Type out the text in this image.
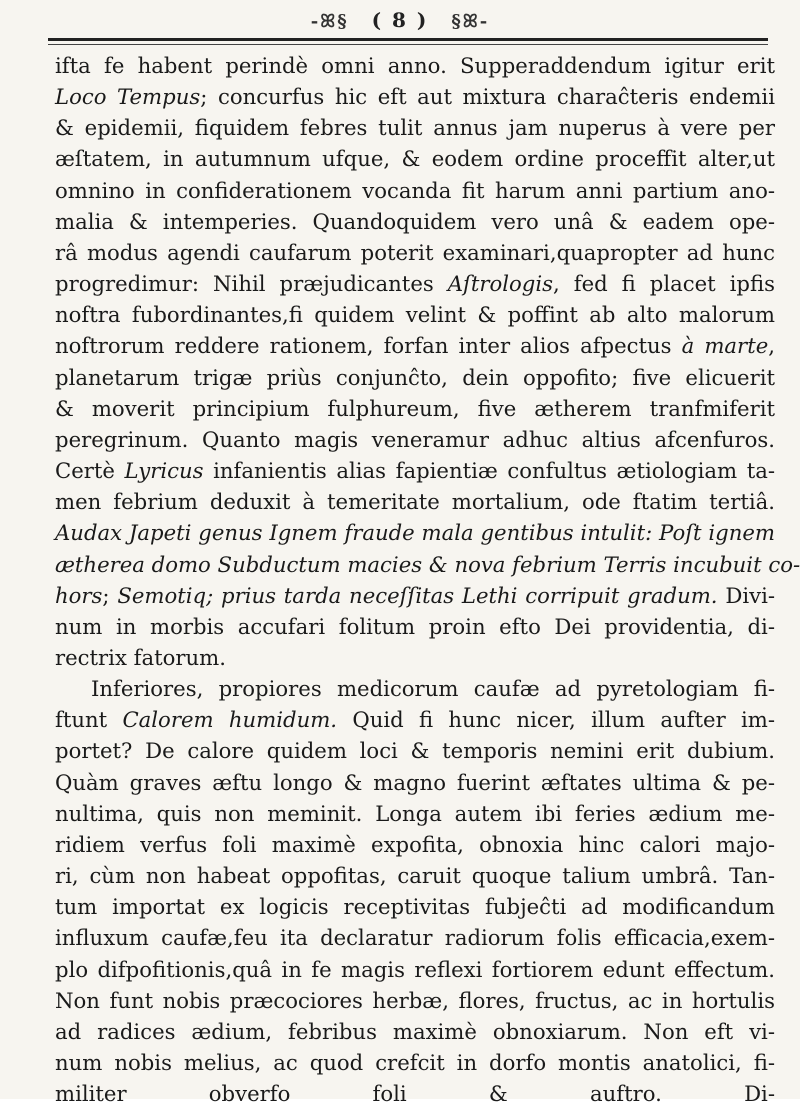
-ꕤ§ ( 8 ) §ꕤ-
ifta fe habent perindè omni anno. Supperaddendum igitur erit
Loco Tempus; concurfus hic eft aut mixtura charaĉteris endemii
& epidemii, fiquidem febres tulit annus jam nuperus à vere per
æſtatem, in autumnum ufque, & eodem ordine proceffit alter,ut
omnino in confiderationem vocanda fit harum anni partium ano-
malia & intemperies. Quandoquidem vero unâ & eadem ope-
râ modus agendi caufarum poterit examinari,quapropter ad hunc
progredimur: Nihil præjudicantes Aſtrologis, fed fi placet ipfis
noftra fubordinantes,fi quidem velint & poffint ab alto malorum
noftrorum reddere rationem, forfan inter alios afpectus à marte,
planetarum trigæ priùs conjunĉto, dein oppofito; five elicuerit
& moverit principium fulphureum, five ætherem tranfmiferit
peregrinum. Quanto magis veneramur adhuc altius afcenfuros.
Certè Lyricus infanientis alias fapientiæ confultus ætiologiam ta-
men febrium deduxit à temeritate mortalium, ode ftatim tertiâ.
Audax Japeti genus Ignem fraude mala gentibus intulit: Poſt ignem
ætherea domo Subductum macies & nova febrium Terris incubuit co-
hors; Semotiq; prius tarda neceſſitas Lethi corripuit gradum. Divi-
num in morbis accufari folitum proin efto Dei providentia, di-
rectrix fatorum.
Inferiores, propiores medicorum caufæ ad pyretologiam fi-
ftunt Calorem humidum. Quid fi hunc nicer, illum aufter im-
portet? De calore quidem loci & temporis nemini erit dubium.
Quàm graves æftu longo & magno fuerint æftates ultima & pe-
nultima, quis non meminit. Longa autem ibi feries ædium me-
ridiem verfus foli maximè expofita, obnoxia hinc calori majo-
ri, cùm non habeat oppofitas, caruit quoque talium umbrâ. Tan-
tum importat ex logicis receptivitas fubjeĉti ad modificandum
influxum caufæ,feu ita declaratur radiorum folis efficacia,exem-
plo difpofitionis,quâ in fe magis reflexi fortiorem edunt effectum.
Non funt nobis præcociores herbæ, flores, fructus, ac in hortulis
ad radices ædium, febribus maximè obnoxiarum. Non eft vi-
num nobis melius, ac quod crefcit in dorfo montis anatolici, fi-
militer obverfo foli & auftro.	Di-
